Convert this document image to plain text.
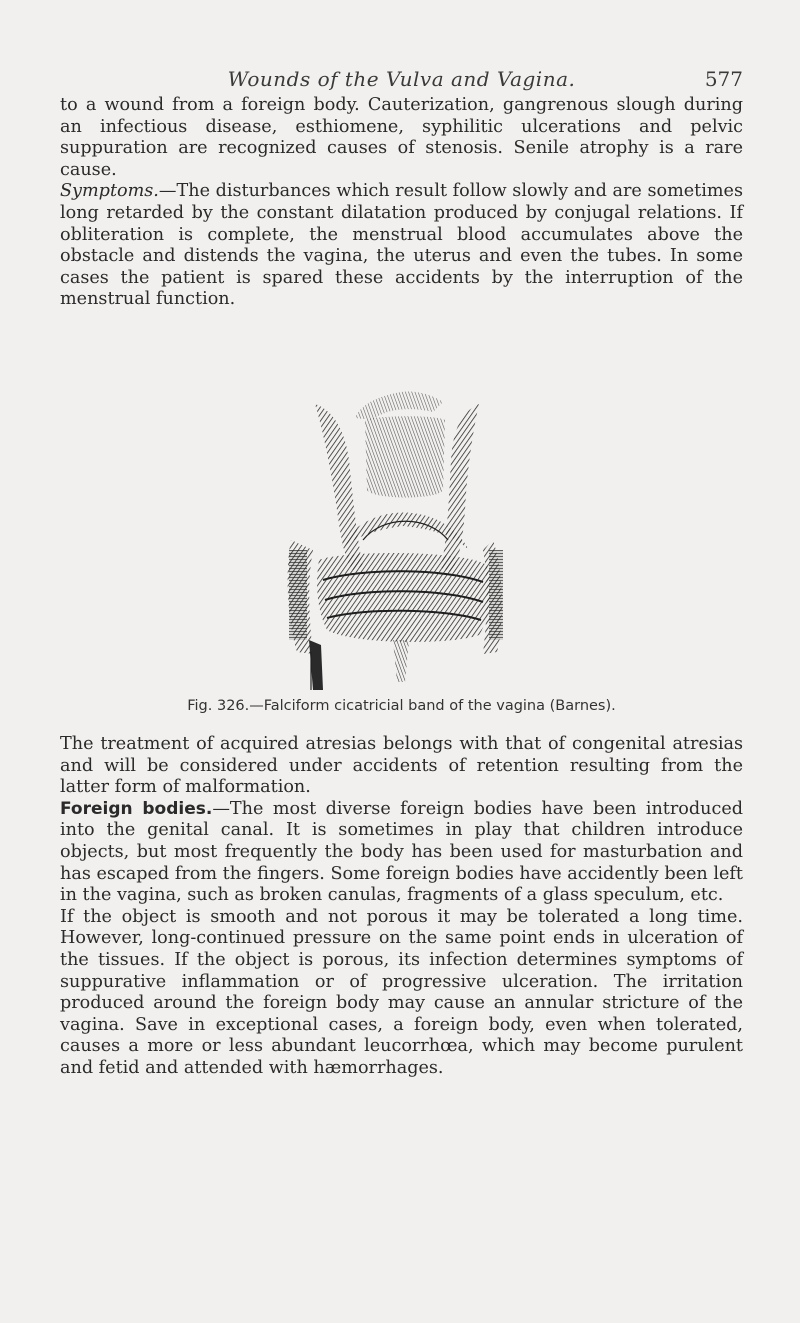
Wounds of the Vulva and Vagina.	577

to a wound from a foreign body. Cauterization, gangrenous slough during an infectious disease, esthiomene, syphilitic ulcerations and pelvic suppuration are recognized causes of stenosis. Senile atrophy is a rare cause.

Symptoms.—The disturbances which result follow slowly and are sometimes long retarded by the constant dilatation produced by conjugal relations. If obliteration is complete, the menstrual blood accumulates above the obstacle and distends the vagina, the uterus and even the tubes. In some cases the patient is spared these accidents by the interruption of the menstrual function.

Fig. 326.—Falciform cicatricial band of the vagina (Barnes).

The treatment of acquired atresias belongs with that of congenital atresias and will be considered under accidents of retention resulting from the latter form of malformation.

Foreign bodies.—The most diverse foreign bodies have been introduced into the genital canal. It is sometimes in play that children introduce objects, but most frequently the body has been used for masturbation and has escaped from the fingers. Some foreign bodies have accidently been left in the vagina, such as broken canulas, fragments of a glass speculum, etc.

If the object is smooth and not porous it may be tolerated a long time. However, long-continued pressure on the same point ends in ulceration of the tissues. If the object is porous, its infection determines symptoms of suppurative inflammation or of progressive ulceration. The irritation produced around the foreign body may cause an annular stricture of the vagina. Save in exceptional cases, a foreign body, even when tolerated, causes a more or less abundant leucorrhœa, which may become purulent and fetid and attended with hæmorrhages.
